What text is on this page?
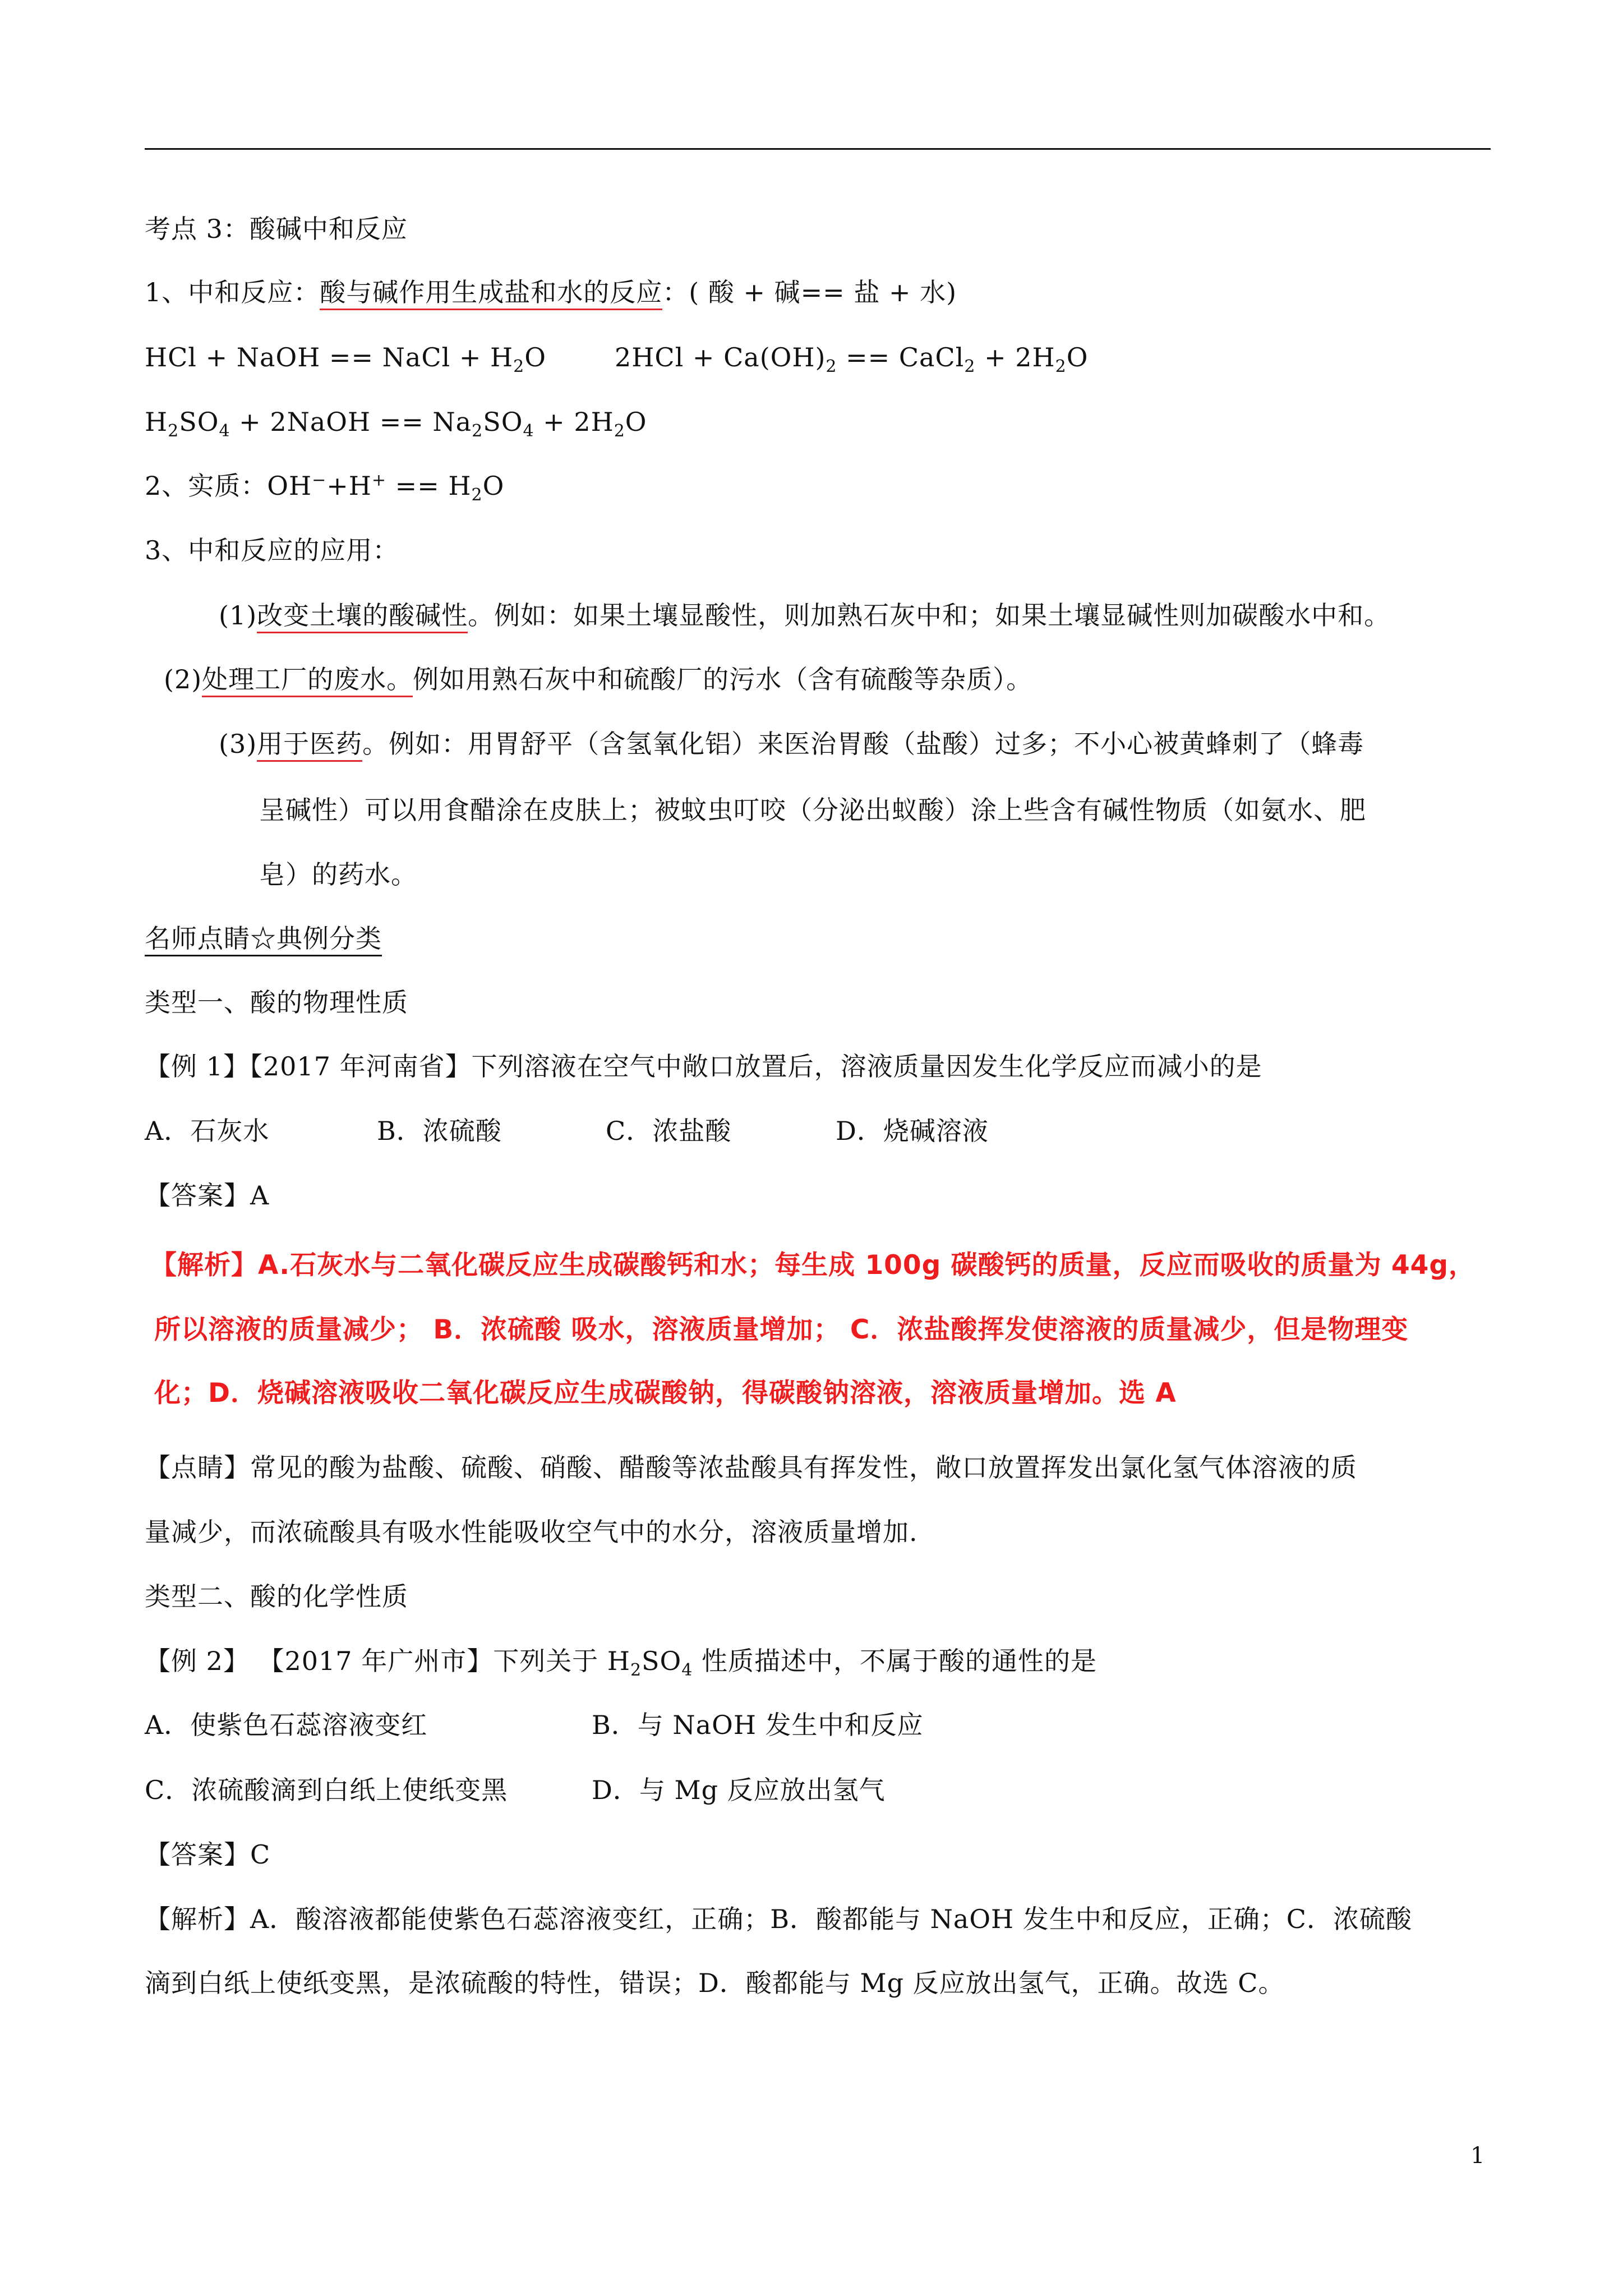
考点 3：酸碱中和反应
1、中和反应：酸与碱作用生成盐和水的反应：( 酸 + 碱== 盐 + 水)
HCl + NaOH == NaCl + $H_2O$	$2HCl + Ca(OH)_2$ == CaCl$_2$ + $2H_2O$
$H_2SO_4$ + 2NaOH == $Na_2SO_4 + 2H_2O$
2、实质：$OH^-+H^+ == H_2O$
3、中和反应的应用：
(1)改变土壤的酸碱性。例如：如果土壤显酸性，则加熟石灰中和；如果土壤显碱性则加碳酸水中和。
(2)处理工厂的废水。例如用熟石灰中和硫酸厂的污水（含有硫酸等杂质）。
(3)用于医药。例如：用胃舒平（含氢氧化铝）来医治胃酸（盐酸）过多；不小心被黄蜂刺了（蜂毒
呈碱性）可以用食醋涂在皮肤上；被蚊虫叮咬（分泌出蚁酸）涂上些含有碱性物质（如氨水、肥
皂）的药水。
名师点睛☆典例分类
类型一、酸的物理性质
【例 1】【2017 年河南省】下列溶液在空气中敞口放置后，溶液质量因发生化学反应而减小的是
A．石灰水	B．浓硫酸	C．浓盐酸	D．烧碱溶液
【答案】A
【解析】A.石灰水与二氧化碳反应生成碳酸钙和水；每生成 100g 碳酸钙的质量，反应而吸收的质量为 44g，
所以溶液的质量减少； B．浓硫酸 吸水，溶液质量增加； C．浓盐酸挥发使溶液的质量减少，但是物理变
化；D．烧碱溶液吸收二氧化碳反应生成碳酸钠，得碳酸钠溶液，溶液质量增加。选 A
【点睛】常见的酸为盐酸、硫酸、硝酸、醋酸等浓盐酸具有挥发性，敞口放置挥发出氯化氢气体溶液的质
量减少，而浓硫酸具有吸水性能吸收空气中的水分，溶液质量增加.
类型二、酸的化学性质
【例 2】 【2017 年广州市】下列关于 $H_2SO_4$ 性质描述中，不属于酸的通性的是
A．使紫色石蕊溶液变红	B．与 NaOH 发生中和反应
C．浓硫酸滴到白纸上使纸变黑	D．与 Mg 反应放出氢气
【答案】C
【解析】A．酸溶液都能使紫色石蕊溶液变红，正确；B．酸都能与 NaOH 发生中和反应，正确；C．浓硫酸
滴到白纸上使纸变黑，是浓硫酸的特性，错误；D．酸都能与 Mg 反应放出氢气，正确。故选 C。
1
